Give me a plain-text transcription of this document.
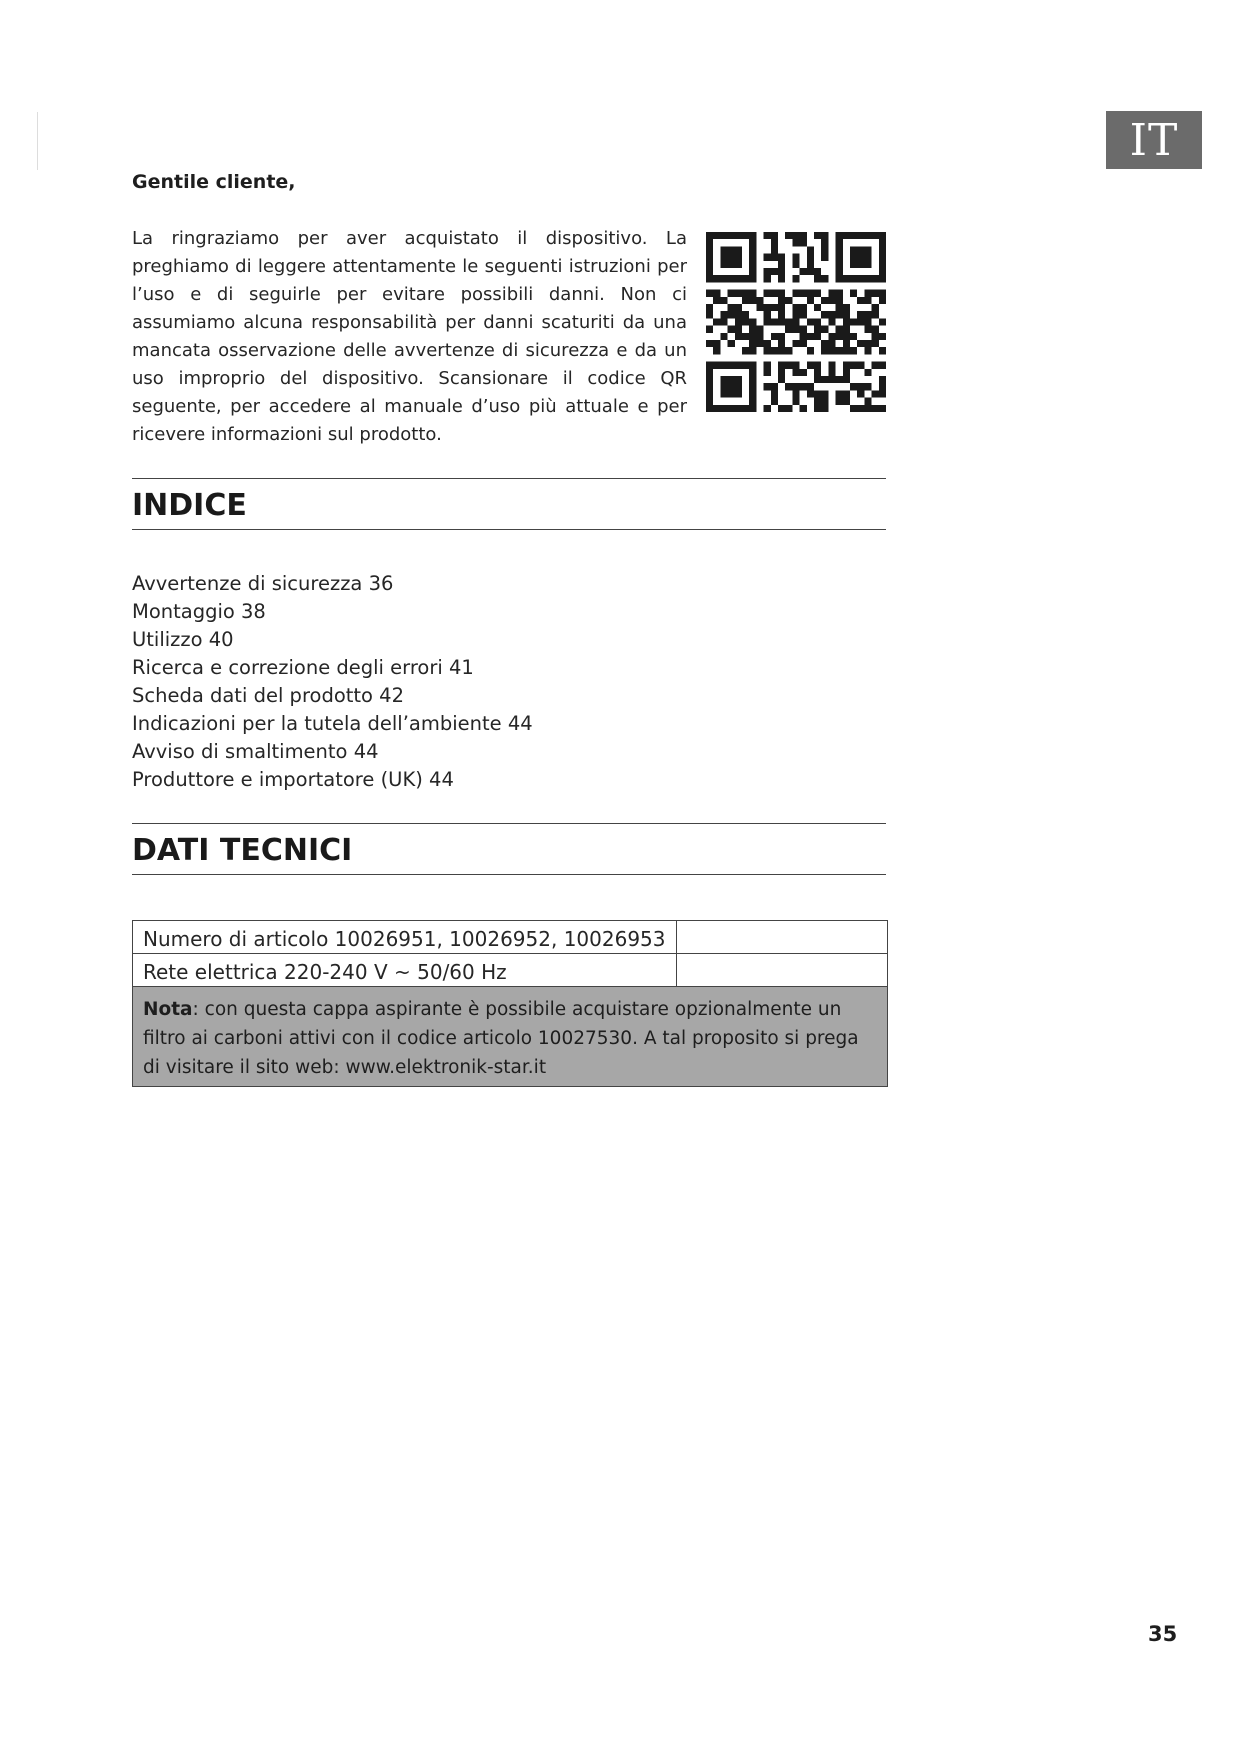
IT

Gentile cliente,

La ringraziamo per aver acquistato il dispositivo. La preghiamo di leggere attentamente le seguenti istruzioni per l’uso e di seguirle per evitare possibili danni. Non ci assumiamo alcuna responsabilità per danni scaturiti da una mancata osservazione delle avvertenze di sicurezza e da un uso improprio del dispositivo. Scansionare il codice QR seguente, per accedere al manuale d’uso più attuale e per ricevere informazioni sul prodotto.

INDICE
Avvertenze di sicurezza 36
Montaggio 38
Utilizzo 40
Ricerca e correzione degli errori 41
Scheda dati del prodotto 42
Indicazioni per la tutela dell’ambiente 44
Avviso di smaltimento 44
Produttore e importatore (UK) 44
DATI TECNICI
Numero di articolo 10026951, 10026952, 10026953	
Rete elettrica 220-240 V ~ 50/60 Hz	
Nota: con questa cappa aspirante è possibile acquistare opzionalmente un filtro ai carboni attivi con il codice articolo 10027530. A tal proposito si prega di visitare il sito web: www.elektronik-star.it	
35
